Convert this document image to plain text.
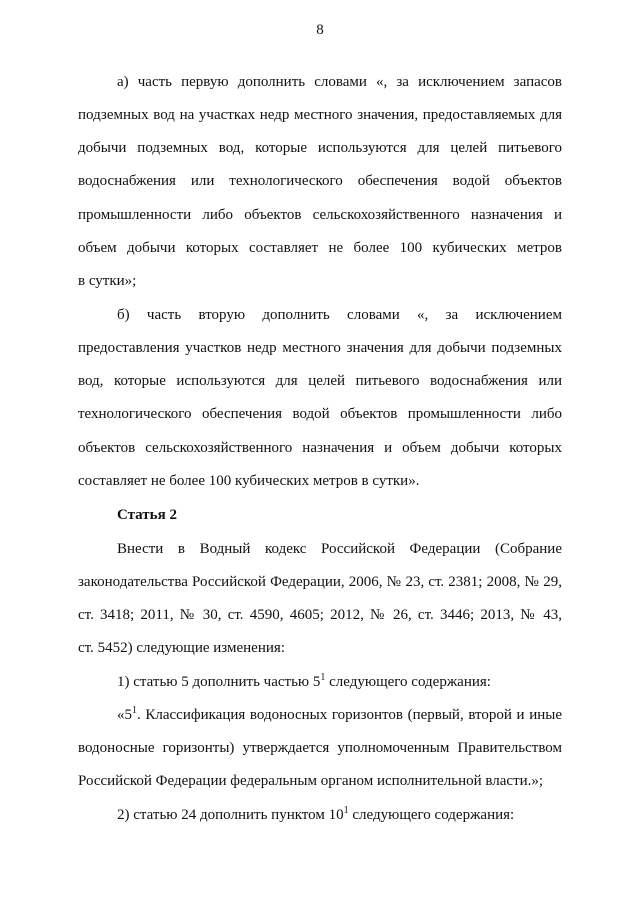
8
а) часть первую дополнить словами «, за исключением запасов
подземных вод на участках недр местного значения, предоставляемых для
добычи подземных вод, которые используются для целей питьевого
водоснабжения или технологического обеспечения водой объектов
промышленности либо объектов сельскохозяйственного назначения и
объем добычи которых составляет не более 100 кубических метров
в сутки»;
б) часть вторую дополнить словами «, за исключением
предоставления участков недр местного значения для добычи подземных
вод, которые используются для целей питьевого водоснабжения или
технологического обеспечения водой объектов промышленности либо
объектов сельскохозяйственного назначения и объем добычи которых
составляет не более 100 кубических метров в сутки».
Статья 2
Внести в Водный кодекс Российской Федерации (Собрание
законодательства Российской Федерации, 2006, № 23, ст. 2381; 2008, № 29,
ст. 3418; 2011, № 30, ст. 4590, 4605; 2012, № 26, ст. 3446; 2013, № 43,
ст. 5452) следующие изменения:
1) статью 5 дополнить частью $5^1$ следующего содержания:
«$5^1$. Классификация водоносных горизонтов (первый, второй и иные
водоносные горизонты) утверждается уполномоченным Правительством
Российской Федерации федеральным органом исполнительной власти.»;
2) статью 24 дополнить пунктом $10^1$ следующего содержания:
